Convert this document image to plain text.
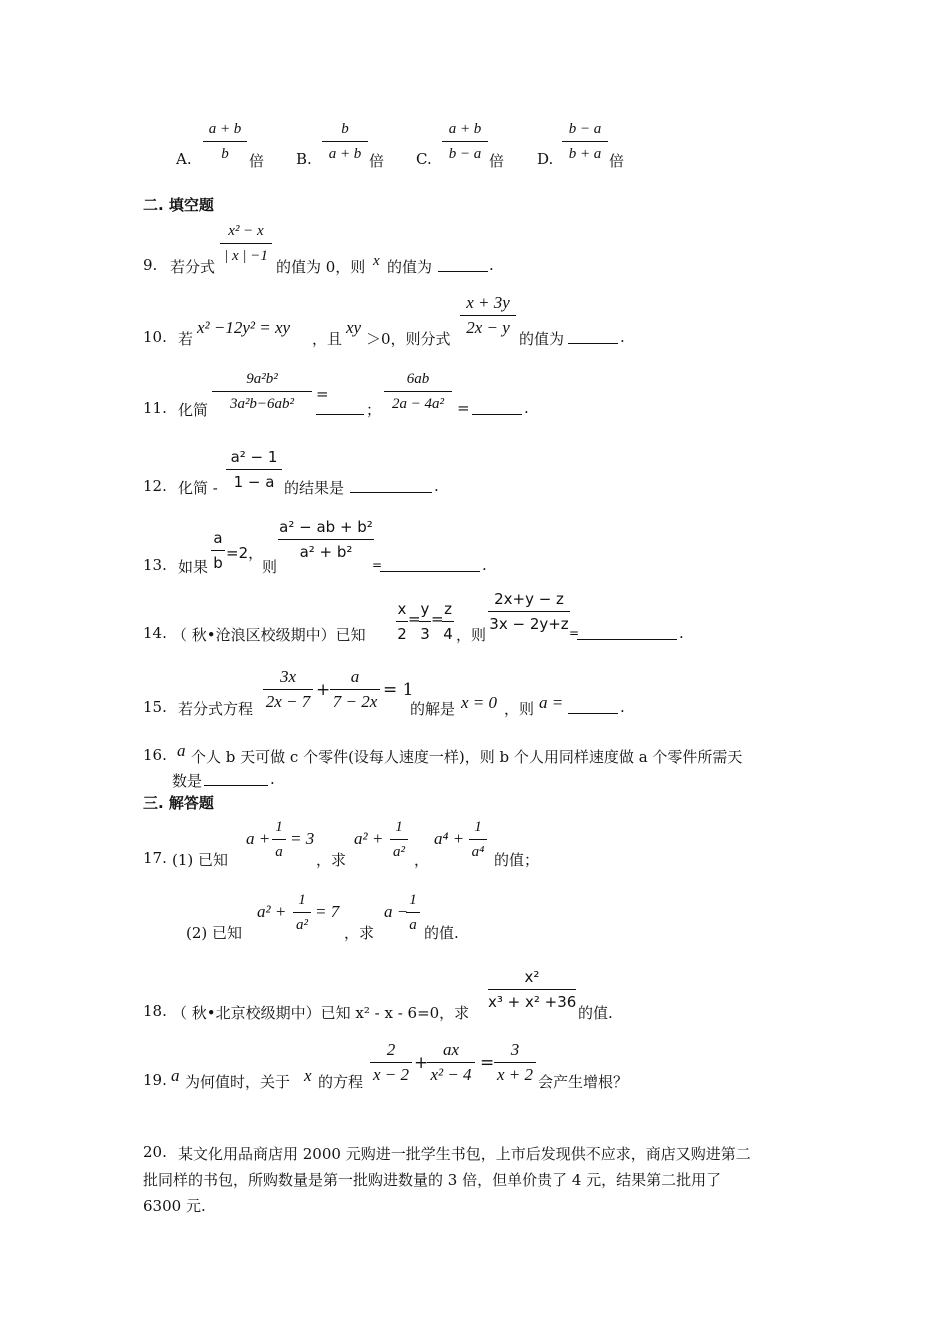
A.
a + b
b	倍 B.
b
a + b 倍 C.
a + b
b − a 倍 D.
b − a
b + a 倍
二. 填空题
9. 若分式
x² − x
| x | −1
的值为 0，则 x 的值为	.
10. 若
x² −12y² = xy
，且
xy
＞0，则分式
x + 3y
2x − y
的值为	.
11. 化简
9a²b²
3a²b−6ab²
=
；
6ab
2a − 4a² =	.
12. 化简 -
a² − 1
1 − a 的结果是	.
13. 如果
a
b
=2，
则
a² − ab + b²
a² + b²
=	.
14. （ 秋•沧浪区校级期中）已知
x
2
=
y
3
=
z
4 ，则
2x+y − z
3x − 2y+z =	.
15. 若分式方程
3x
2x − 7
+
a
7 − 2x
= 1
的解是 x = 0 ，则 a =	.
16. a 个人 b 天可做 c 个零件(设每人速度一样)，则 b 个人用同样速度做 a 个零件所需天
数是	.
三. 解答题
17. (1) 已知
a +
1
a
= 3
，求
a² +
1
a² ，
a⁴ +
1
a⁴ 的值；
(2) 已知
a² +
1
a²
= 7
，求
a −
1
a 的值.
18. （ 秋•北京校级期中）已知 x² - x - 6=0，求
x²
x³ + x² +36
的值.
19. a 为何值时，关于 x 的方程
2
x − 2
+
ax
x² − 4
=
3
x + 2 会产生增根？
20. 某文化用品商店用 2000 元购进一批学生书包，上市后发现供不应求，商店又购进第二
批同样的书包，所购数量是第一批购进数量的 3 倍，但单价贵了 4 元，结果第二批用了
6300 元.
